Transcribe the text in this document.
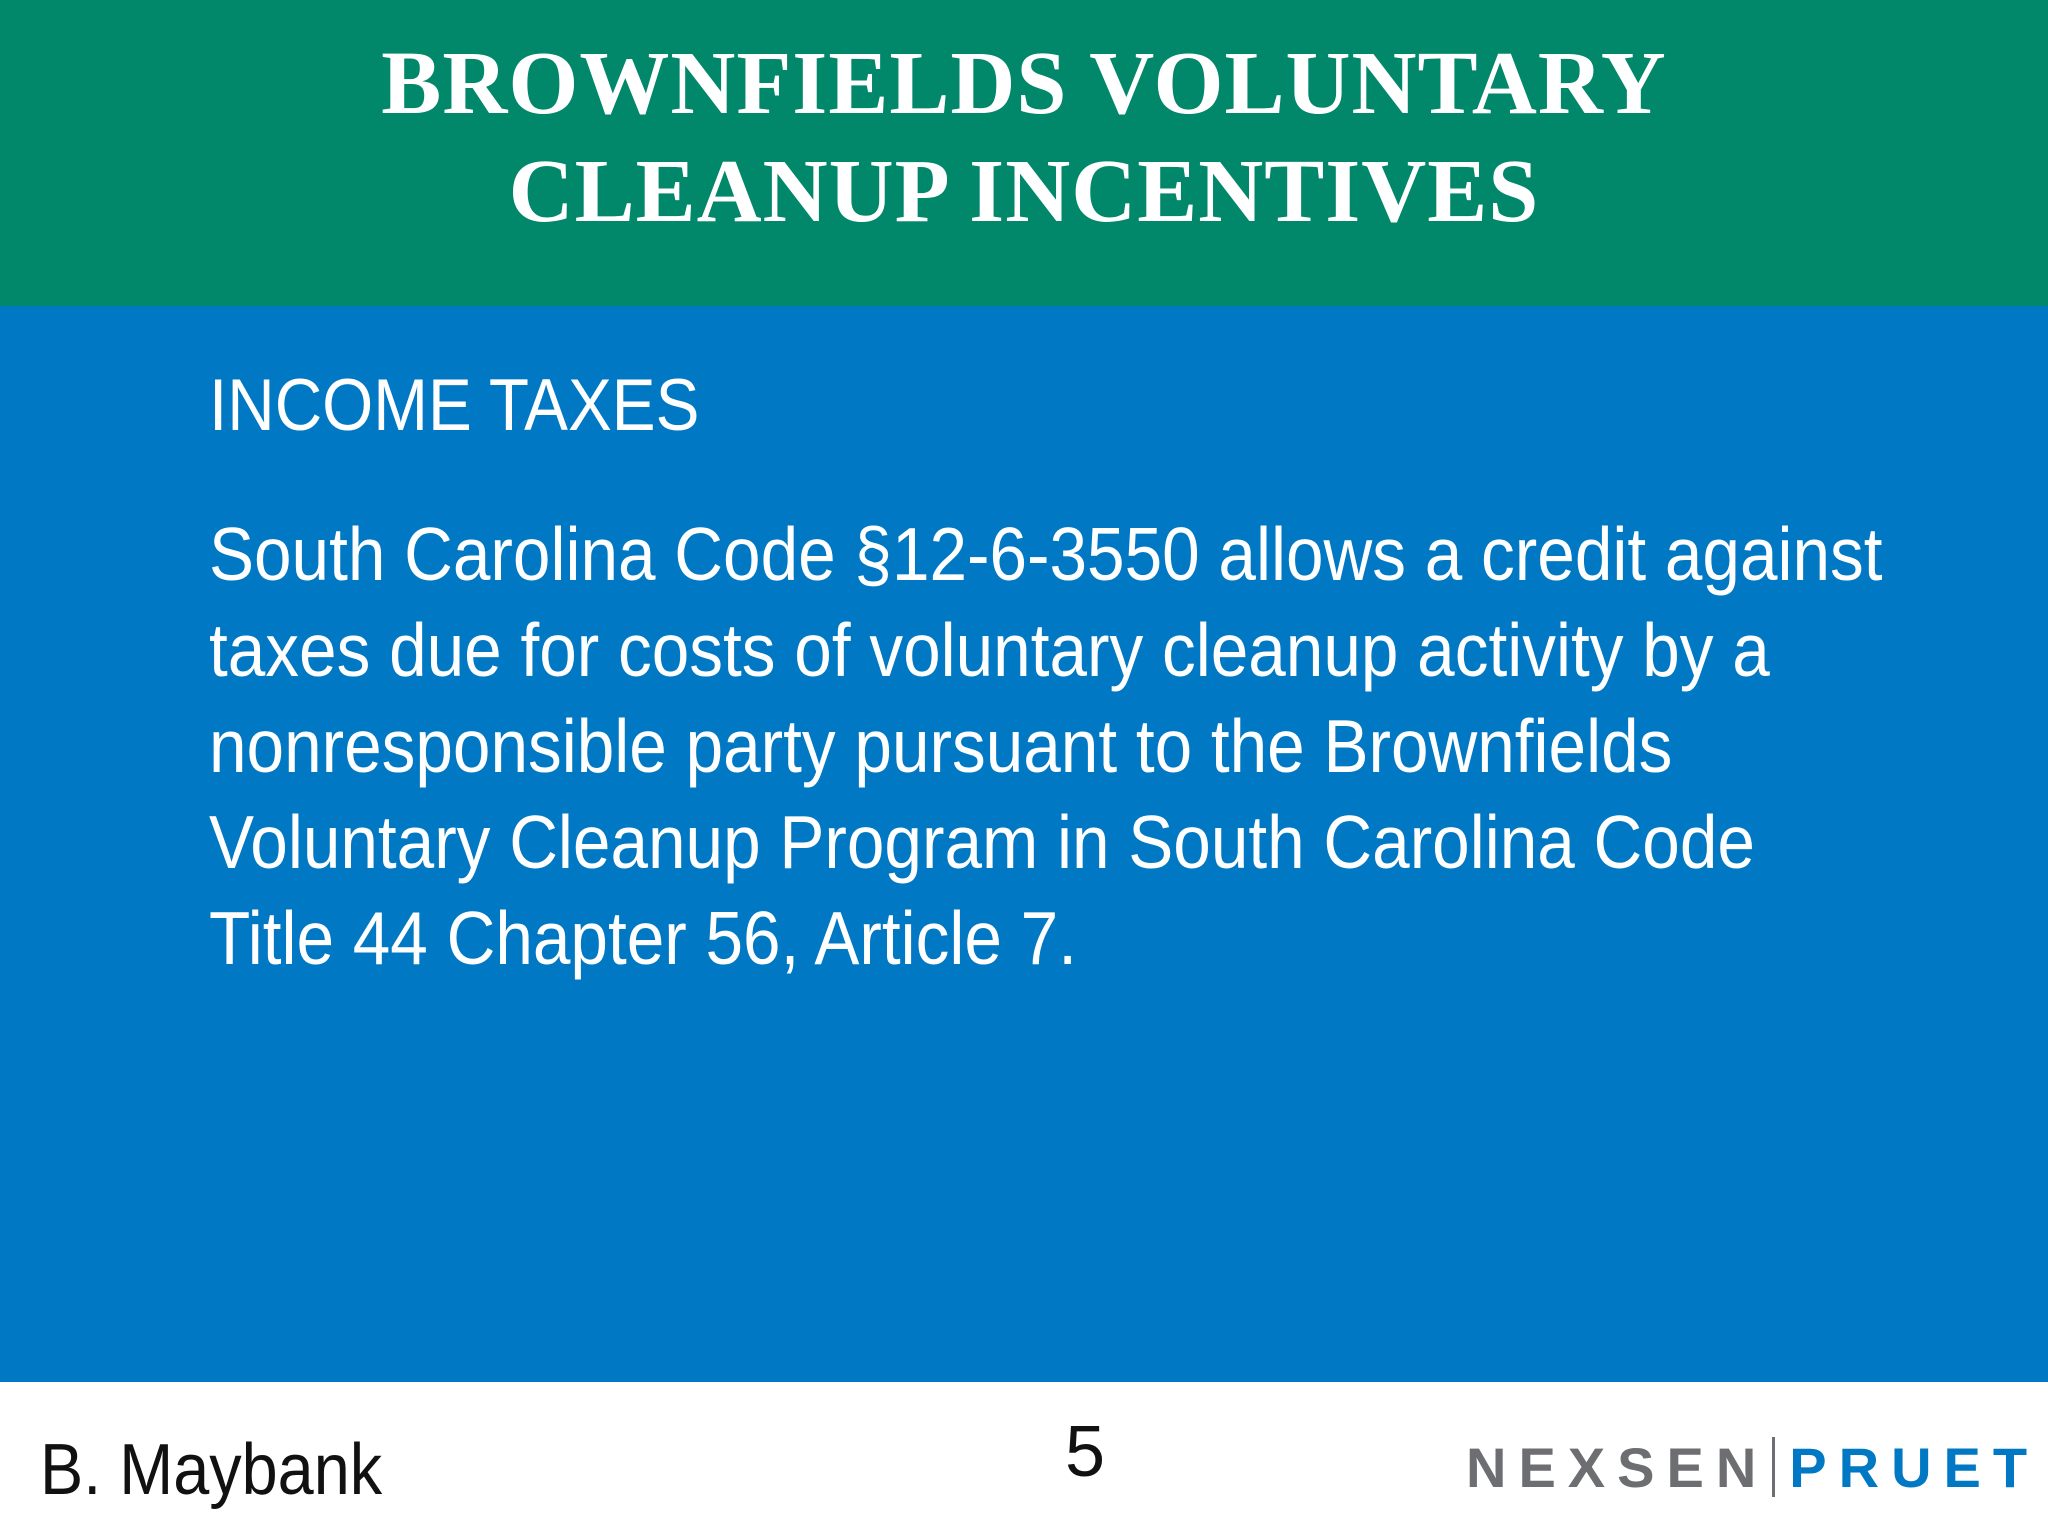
BROWNFIELDS VOLUNTARY
CLEANUP INCENTIVES
INCOME TAXES
South Carolina Code §12-6-3550 allows a credit against
taxes due for costs of voluntary cleanup activity by a
nonresponsible party pursuant to the Brownfields
Voluntary Cleanup Program in South Carolina Code
Title 44 Chapter 56, Article 7.
B. Maybank	5	NEXSEN PRUET
